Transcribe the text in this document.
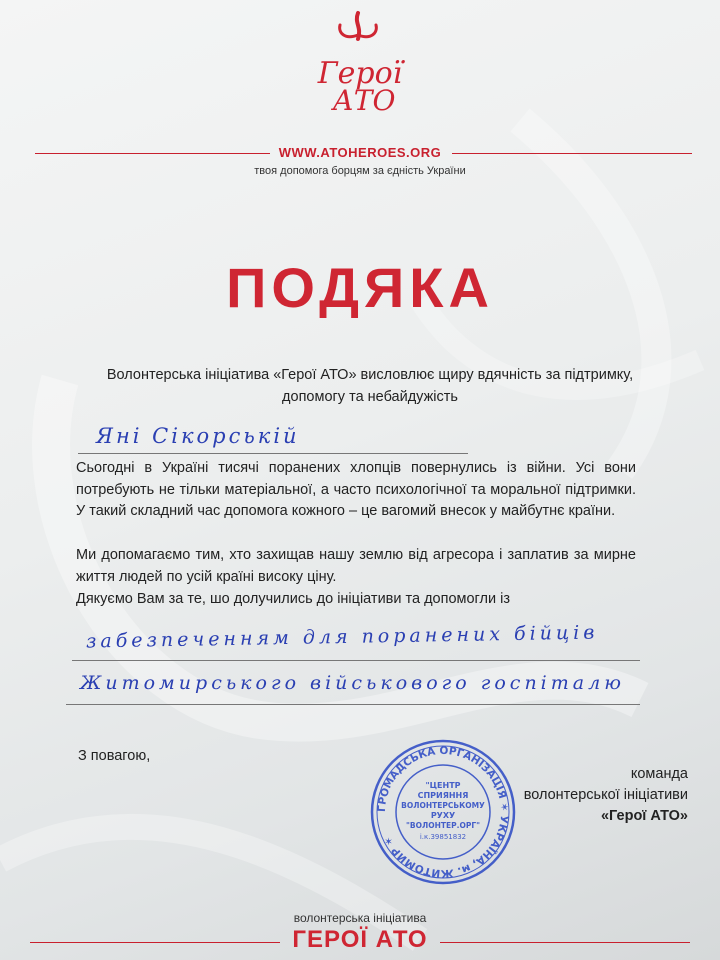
Герої
АТО
WWW.ATOHEROES.ORG
твоя допомога борцям за єдність України
ПОДЯКА
Волонтерська ініціатива «Герої АТО» висловлює щиру вдячність за підтримку, допомогу та небайдужість
Яні Сікорській
Сьогодні в Україні тисячі поранених хлопців повернулись із війни. Усі вони потребують не тільки матеріальної, а часто психологічної та моральної підтримки. У такий складний час допомога кожного – це вагомий внесок у майбутнє країни.
Ми допомагаємо тим, хто захищав нашу землю від агресора і заплатив за мирне життя людей по усій країні високу ціну.
Дякуємо Вам за те, шо долучились до ініціативи та допомогли із
забезпеченням для поранених бійців
Житомирського військового госпіталю
З повагою,
команда
волонтерської ініціативи
«Герої АТО»
ГРОМАДСЬКА ОРГАНІЗАЦІЯ ✶ УКРАЇНА, м. ЖИТОМИР ✶
"ЦЕНТР
СПРИЯННЯ
ВОЛОНТЕРСЬКОМУ
РУХУ
"ВОЛОНТЕР.ОРГ"
і.к.39851832
волонтерська ініціатива
ГЕРОЇ АТО
